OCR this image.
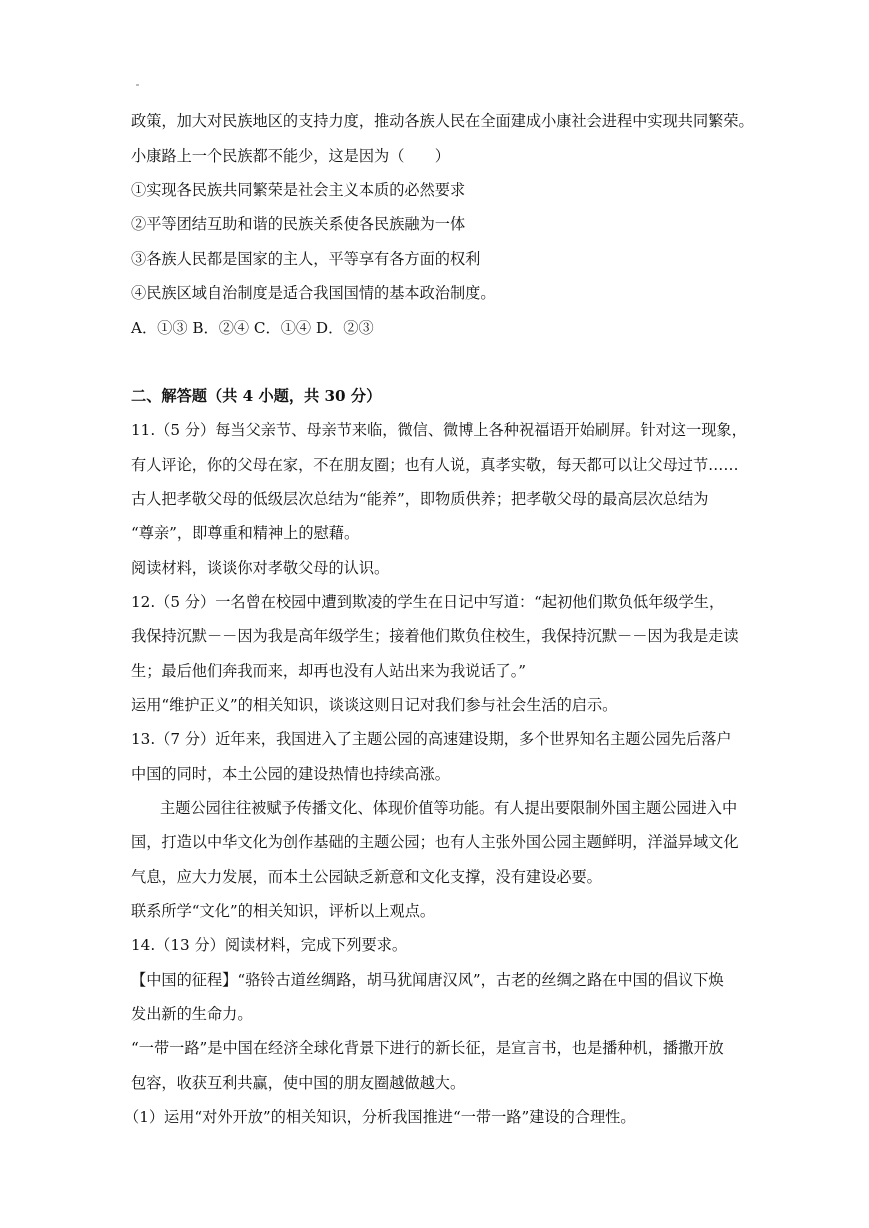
政策，加大对民族地区的支持力度，推动各族人民在全面建成小康社会进程中实现共同繁荣。
小康路上一个民族都不能少，这是因为（　　）
①实现各民族共同繁荣是社会主义本质的必然要求
②平等团结互助和谐的民族关系使各民族融为一体
③各族人民都是国家的主人，平等享有各方面的权利
④民族区域自治制度是适合我国国情的基本政治制度。
A．①③ B．②④ C．①④ D．②③
二、解答题（共 4 小题，共 30 分）
11.（5 分）每当父亲节、母亲节来临，微信、微博上各种祝福语开始刷屏。针对这一现象，
有人评论，你的父母在家，不在朋友圈；也有人说，真孝实敬，每天都可以让父母过节……
古人把孝敬父母的低级层次总结为“能养”，即物质供养；把孝敬父母的最高层次总结为
“尊亲”，即尊重和精神上的慰藉。
阅读材料，谈谈你对孝敬父母的认识。
12.（5 分）一名曾在校园中遭到欺凌的学生在日记中写道：“起初他们欺负低年级学生，
我保持沉默－－因为我是高年级学生；接着他们欺负住校生，我保持沉默－－因为我是走读
生；最后他们奔我而来，却再也没有人站出来为我说话了。”
运用“维护正义”的相关知识，谈谈这则日记对我们参与社会生活的启示。
13.（7 分）近年来，我国进入了主题公园的高速建设期，多个世界知名主题公园先后落户
中国的同时，本土公园的建设热情也持续高涨。
主题公园往往被赋予传播文化、体现价值等功能。有人提出要限制外国主题公园进入中
国，打造以中华文化为创作基础的主题公园；也有人主张外国公园主题鲜明，洋溢异域文化
气息，应大力发展，而本土公园缺乏新意和文化支撑，没有建设必要。
联系所学“文化”的相关知识，评析以上观点。
14.（13 分）阅读材料，完成下列要求。
【中国的征程】“骆铃古道丝绸路，胡马犹闻唐汉风”，古老的丝绸之路在中国的倡议下焕
发出新的生命力。
“一带一路”是中国在经济全球化背景下进行的新长征，是宣言书，也是播种机，播撒开放
包容，收获互利共赢，使中国的朋友圈越做越大。
（1）运用“对外开放”的相关知识，分析我国推进“一带一路”建设的合理性。
